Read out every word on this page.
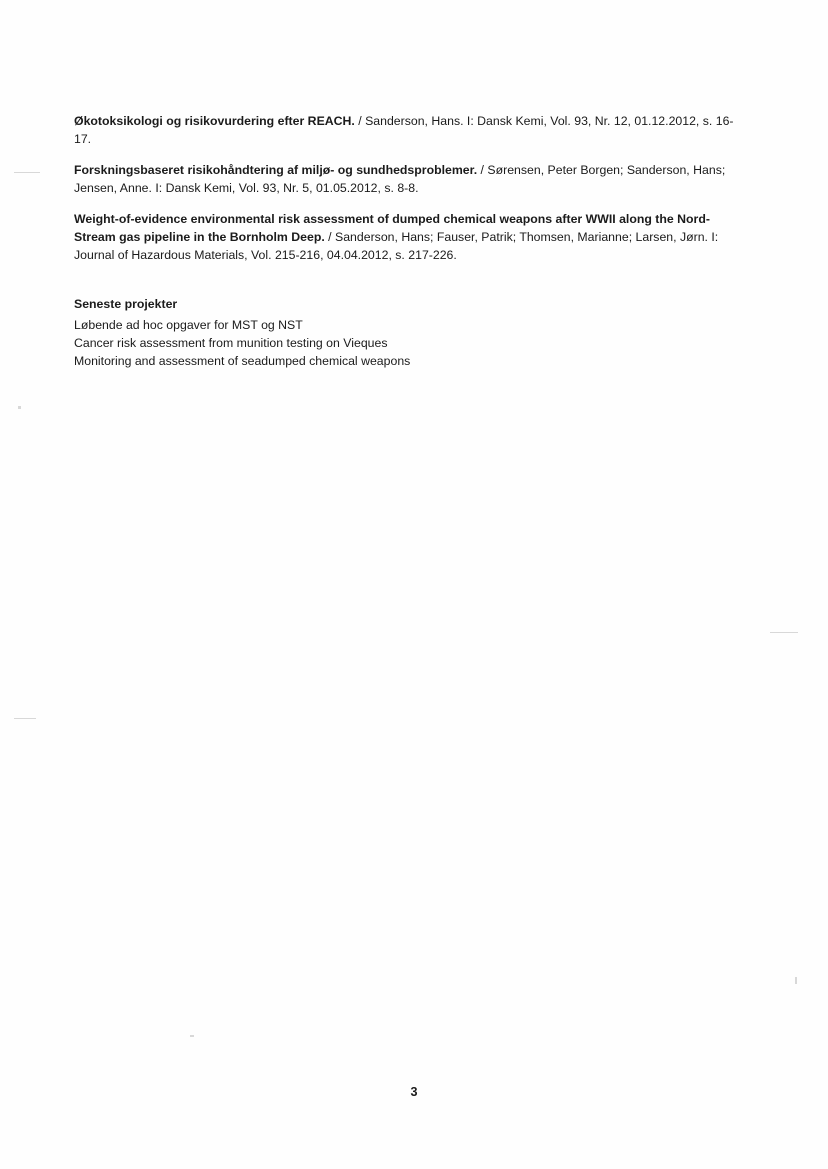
Økotoksikologi og risikovurdering efter REACH. / Sanderson, Hans. I: Dansk Kemi, Vol. 93, Nr. 12, 01.12.2012, s. 16-17.
Forskningsbaseret risikohåndtering af miljø- og sundhedsproblemer. / Sørensen, Peter Borgen; Sanderson, Hans; Jensen, Anne. I: Dansk Kemi, Vol. 93, Nr. 5, 01.05.2012, s. 8-8.
Weight-of-evidence environmental risk assessment of dumped chemical weapons after WWII along the Nord-Stream gas pipeline in the Bornholm Deep. / Sanderson, Hans; Fauser, Patrik; Thomsen, Marianne; Larsen, Jørn. I: Journal of Hazardous Materials, Vol. 215-216, 04.04.2012, s. 217-226.
Seneste projekter
Løbende ad hoc opgaver for MST og NST
Cancer risk assessment from munition testing on Vieques
Monitoring and assessment of seadumped chemical weapons
3
